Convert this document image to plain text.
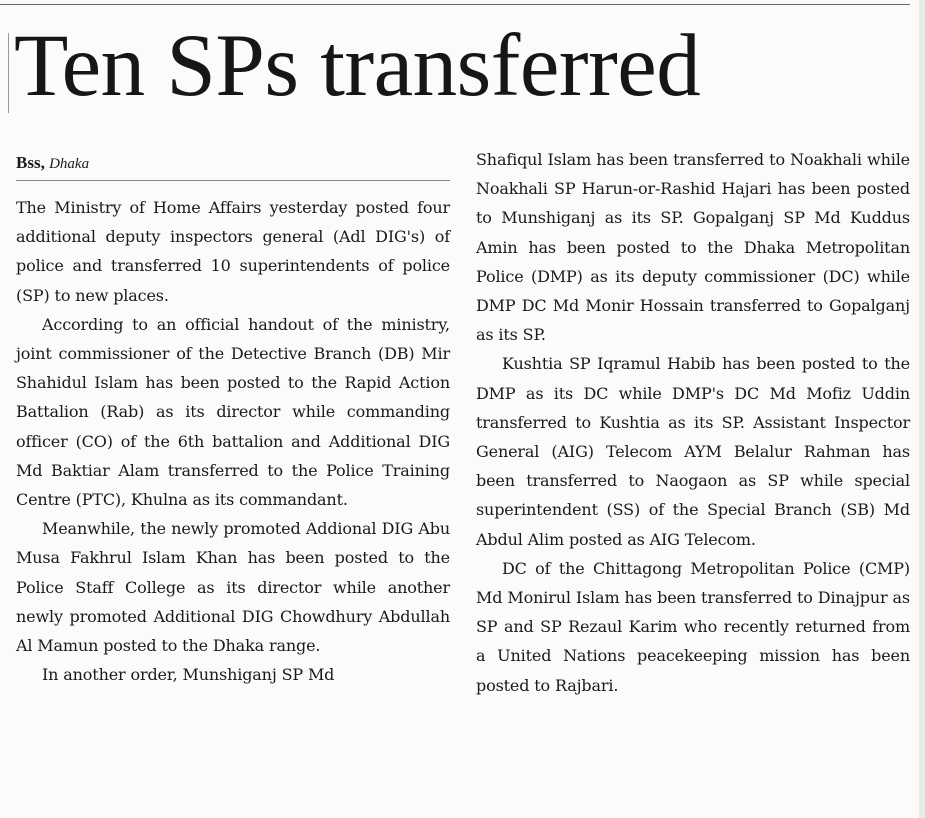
Ten SPs transferred
Bss, Dhaka

The Ministry of Home Affairs yesterday posted four additional deputy inspectors general (Adl DIG's) of police and transferred 10 superintendents of police (SP) to new places.

According to an official handout of the ministry, joint commissioner of the Detective Branch (DB) Mir Shahidul Islam has been posted to the Rapid Action Battalion (Rab) as its director while commanding officer (CO) of the 6th battalion and Additional DIG Md Baktiar Alam transferred to the Police Training Centre (PTC), Khulna as its commandant.

Meanwhile, the newly promoted Addional DIG Abu Musa Fakhrul Islam Khan has been posted to the Police Staff College as its director while another newly promoted Additional DIG Chowdhury Abdullah Al Mamun posted to the Dhaka range.

In another order, Munshiganj SP Md

Shafiqul Islam has been transferred to Noakhali while Noakhali SP Harun-or-Rashid Hajari has been posted to Munshiganj as its SP. Gopalganj SP Md Kuddus Amin has been posted to the Dhaka Metropolitan Police (DMP) as its deputy commissioner (DC) while DMP DC Md Monir Hossain transferred to Gopalganj as its SP.

Kushtia SP Iqramul Habib has been posted to the DMP as its DC while DMP's DC Md Mofiz Uddin transferred to Kushtia as its SP. Assistant Inspector General (AIG) Telecom AYM Belalur Rahman has been transferred to Naogaon as SP while special superintendent (SS) of the Special Branch (SB) Md Abdul Alim posted as AIG Telecom.

DC of the Chittagong Metropolitan Police (CMP) Md Monirul Islam has been transferred to Dinajpur as SP and SP Rezaul Karim who recently returned from a United Nations peacekeeping mission has been posted to Rajbari.
